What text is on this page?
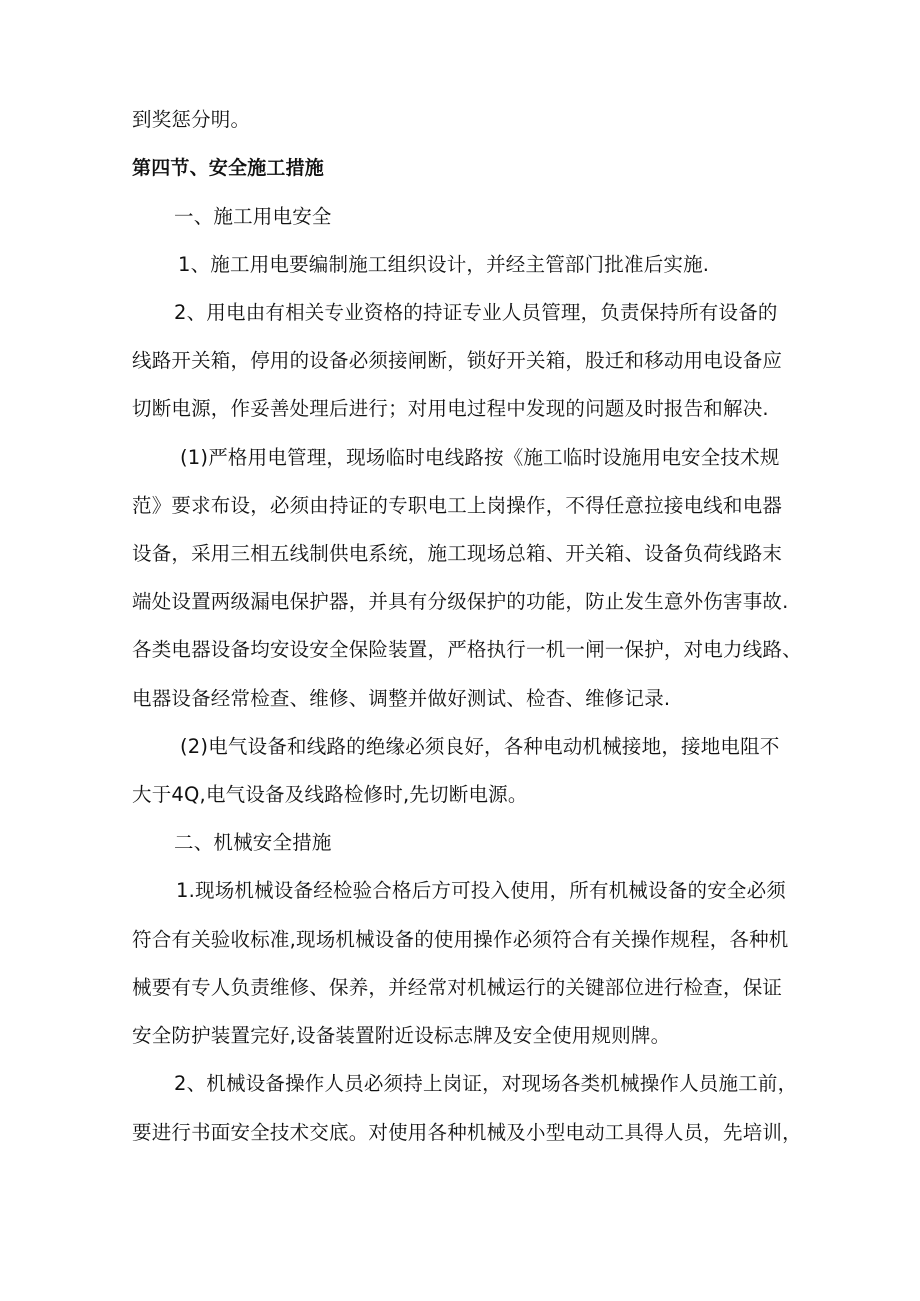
到奖惩分明。
第四节、安全施工措施
一、施工用电安全
1、施工用电要编制施工组织设计，并经主管部门批准后实施.
2、用电由有相关专业资格的持证专业人员管理，负责保持所有设备的
线路开关箱，停用的设备必须接闸断，锁好开关箱，股迁和移动用电设备应
切断电源，作妥善处理后进行；对用电过程中发现的问题及时报告和解决.
(1)严格用电管理，现场临时电线路按《施工临时设施用电安全技术规
范》要求布设，必须由持证的专职电工上岗操作，不得任意拉接电线和电器
设备，采用三相五线制供电系统，施工现场总箱、开关箱、设备负荷线路末
端处设置两级漏电保护器，并具有分级保护的功能，防止发生意外伤害事故.
各类电器设备均安设安全保险装置，严格执行一机一闸一保护，对电力线路、
电器设备经常检查、维修、调整并做好测试、检杳、维修记录.
(2)电气设备和线路的绝缘必须良好，各种电动机械接地，接地电阻不
大于4Q,电气设备及线路检修时,先切断电源。
二、机械安全措施
1.现场机械设备经检验合格后方可投入使用，所有机械设备的安全必须
符合有关验收标准,现场机械设备的使用操作必须符合有关操作规程，各种机
械要有专人负责维修、保养，并经常对机械运行的关键部位进行检查，保证
安全防护装置完好,设备装置附近设标志牌及安全使用规则牌。
2、机械设备操作人员必须持上岗证，对现场各类机械操作人员施工前，
要进行书面安全技术交底。对使用各种机械及小型电动工具得人员，先培训，
